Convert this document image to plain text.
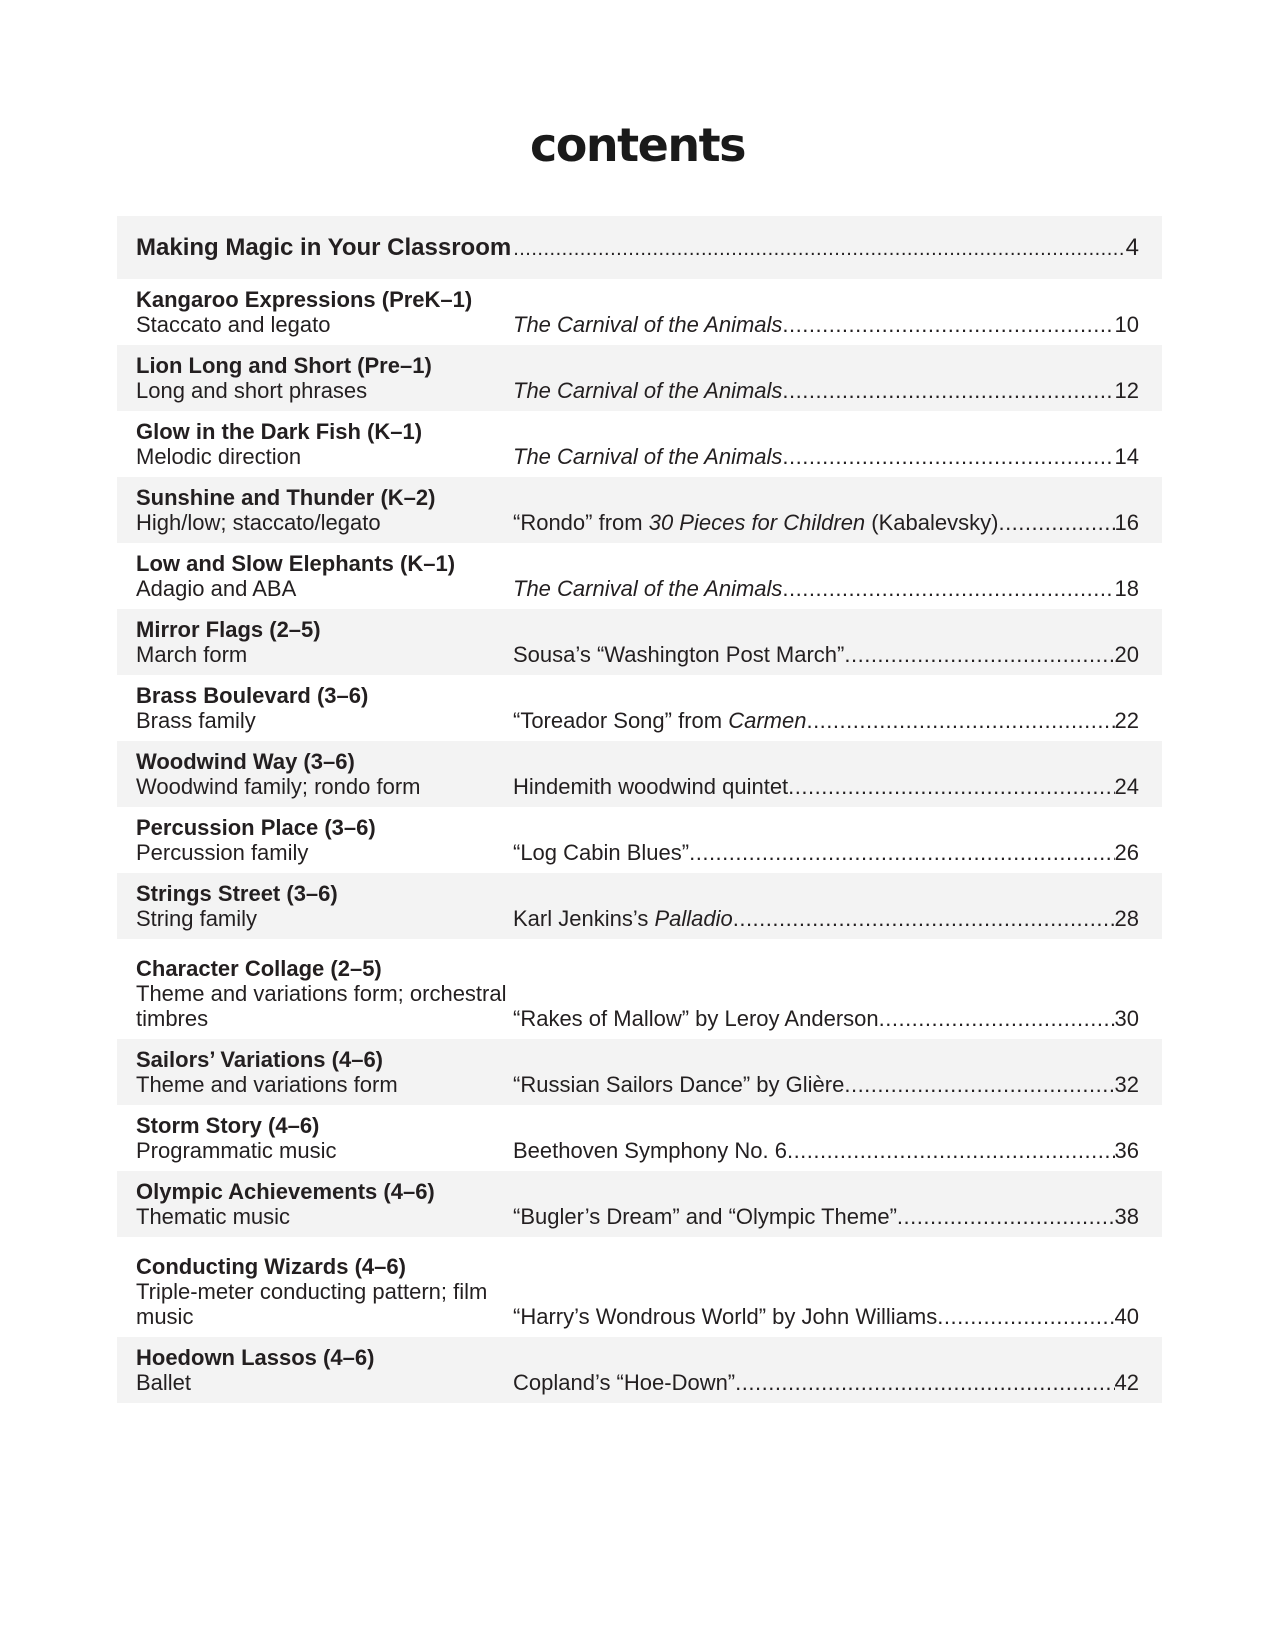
contents
Making Magic in Your Classroom .....	4
Kangaroo Expressions (PreK–1)
Staccato and legato	The Carnival of the Animals .....	10
Lion Long and Short (Pre–1)
Long and short phrases	The Carnival of the Animals .....	12
Glow in the Dark Fish (K–1)
Melodic direction	The Carnival of the Animals .....	14
Sunshine and Thunder (K–2)
High/low; staccato/legato	“Rondo” from 30 Pieces for Children (Kabalevsky) .....	16
Low and Slow Elephants (K–1)
Adagio and ABA	The Carnival of the Animals .....	18
Mirror Flags (2–5)
March form	Sousa’s “Washington Post March” .....	20
Brass Boulevard (3–6)
Brass family	“Toreador Song” from Carmen .....	22
Woodwind Way (3–6)
Woodwind family; rondo form	Hindemith woodwind quintet .....	24
Percussion Place (3–6)
Percussion family	“Log Cabin Blues” .....	26
Strings Street (3–6)
String family	Karl Jenkins’s Palladio .....	28
Character Collage (2–5)
Theme and variations form; orchestral timbres	“Rakes of Mallow” by Leroy Anderson .....	30
Sailors’ Variations (4–6)
Theme and variations form	“Russian Sailors Dance” by Glière .....	32
Storm Story (4–6)
Programmatic music	Beethoven Symphony No. 6 .....	36
Olympic Achievements (4–6)
Thematic music	“Bugler’s Dream” and “Olympic Theme” .....	38
Conducting Wizards (4–6)
Triple-meter conducting pattern; film music	“Harry’s Wondrous World” by John Williams .....	40
Hoedown Lassos (4–6)
Ballet	Copland’s “Hoe-Down” .....	42
